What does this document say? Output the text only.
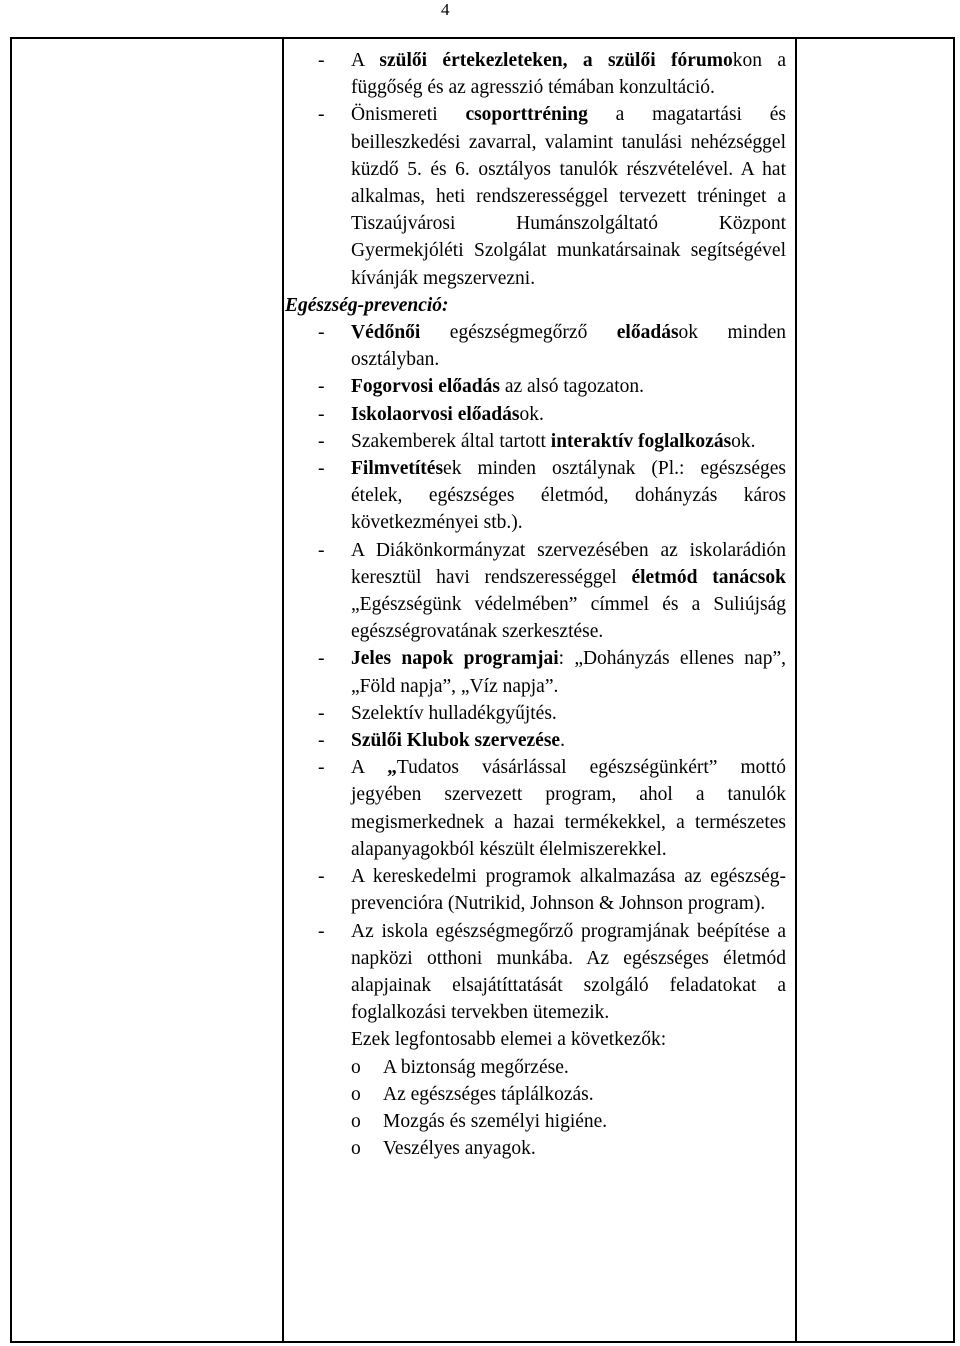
4
-	A szülői értekezleteken, a szülői fórumokon a függőség és az agresszió témában konzultáció.
-	Önismereti csoporttréning a magatartási és beilleszkedési zavarral, valamint tanulási nehézséggel küzdő 5. és 6. osztályos tanulók részvételével. A hat alkalmas, heti rendszerességgel tervezett tréninget a Tiszaújvárosi Humánszolgáltató Központ Gyermekjóléti Szolgálat munkatársainak segítségével kívánják megszervezni.
Egészség-prevenció:
-	Védőnői egészségmegőrző előadások minden osztályban.
-	Fogorvosi előadás az alsó tagozaton.
-	Iskolaorvosi előadások.
-	Szakemberek által tartott interaktív foglalkozások.
-	Filmvetítések minden osztálynak (Pl.: egészséges ételek, egészséges életmód, dohányzás káros következményei stb.).
-	A Diákönkormányzat szervezésében az iskolarádión keresztül havi rendszerességgel életmód tanácsok „Egészségünk védelmében” címmel és a Suliújság egészségrovatának szerkesztése.
-	Jeles napok programjai: „Dohányzás ellenes nap”, „Föld napja”, „Víz napja”.
-	Szelektív hulladékgyűjtés.
-	Szülői Klubok szervezése.
-	A „Tudatos vásárlással egészségünkért” mottó jegyében szervezett program, ahol a tanulók megismerkednek a hazai termékekkel, a természetes alapanyagokból készült élelmiszerekkel.
-	A kereskedelmi programok alkalmazása az egészség-prevencióra (Nutrikid, Johnson & Johnson program).
-	Az iskola egészségmegőrző programjának beépítése a napközi otthoni munkába. Az egészséges életmód alapjainak elsajátíttatását szolgáló feladatokat a foglalkozási tervekben ütemezik.
Ezek legfontosabb elemei a következők:
o	A biztonság megőrzése.
o	Az egészséges táplálkozás.
o	Mozgás és személyi higiéne.
o	Veszélyes anyagok.
